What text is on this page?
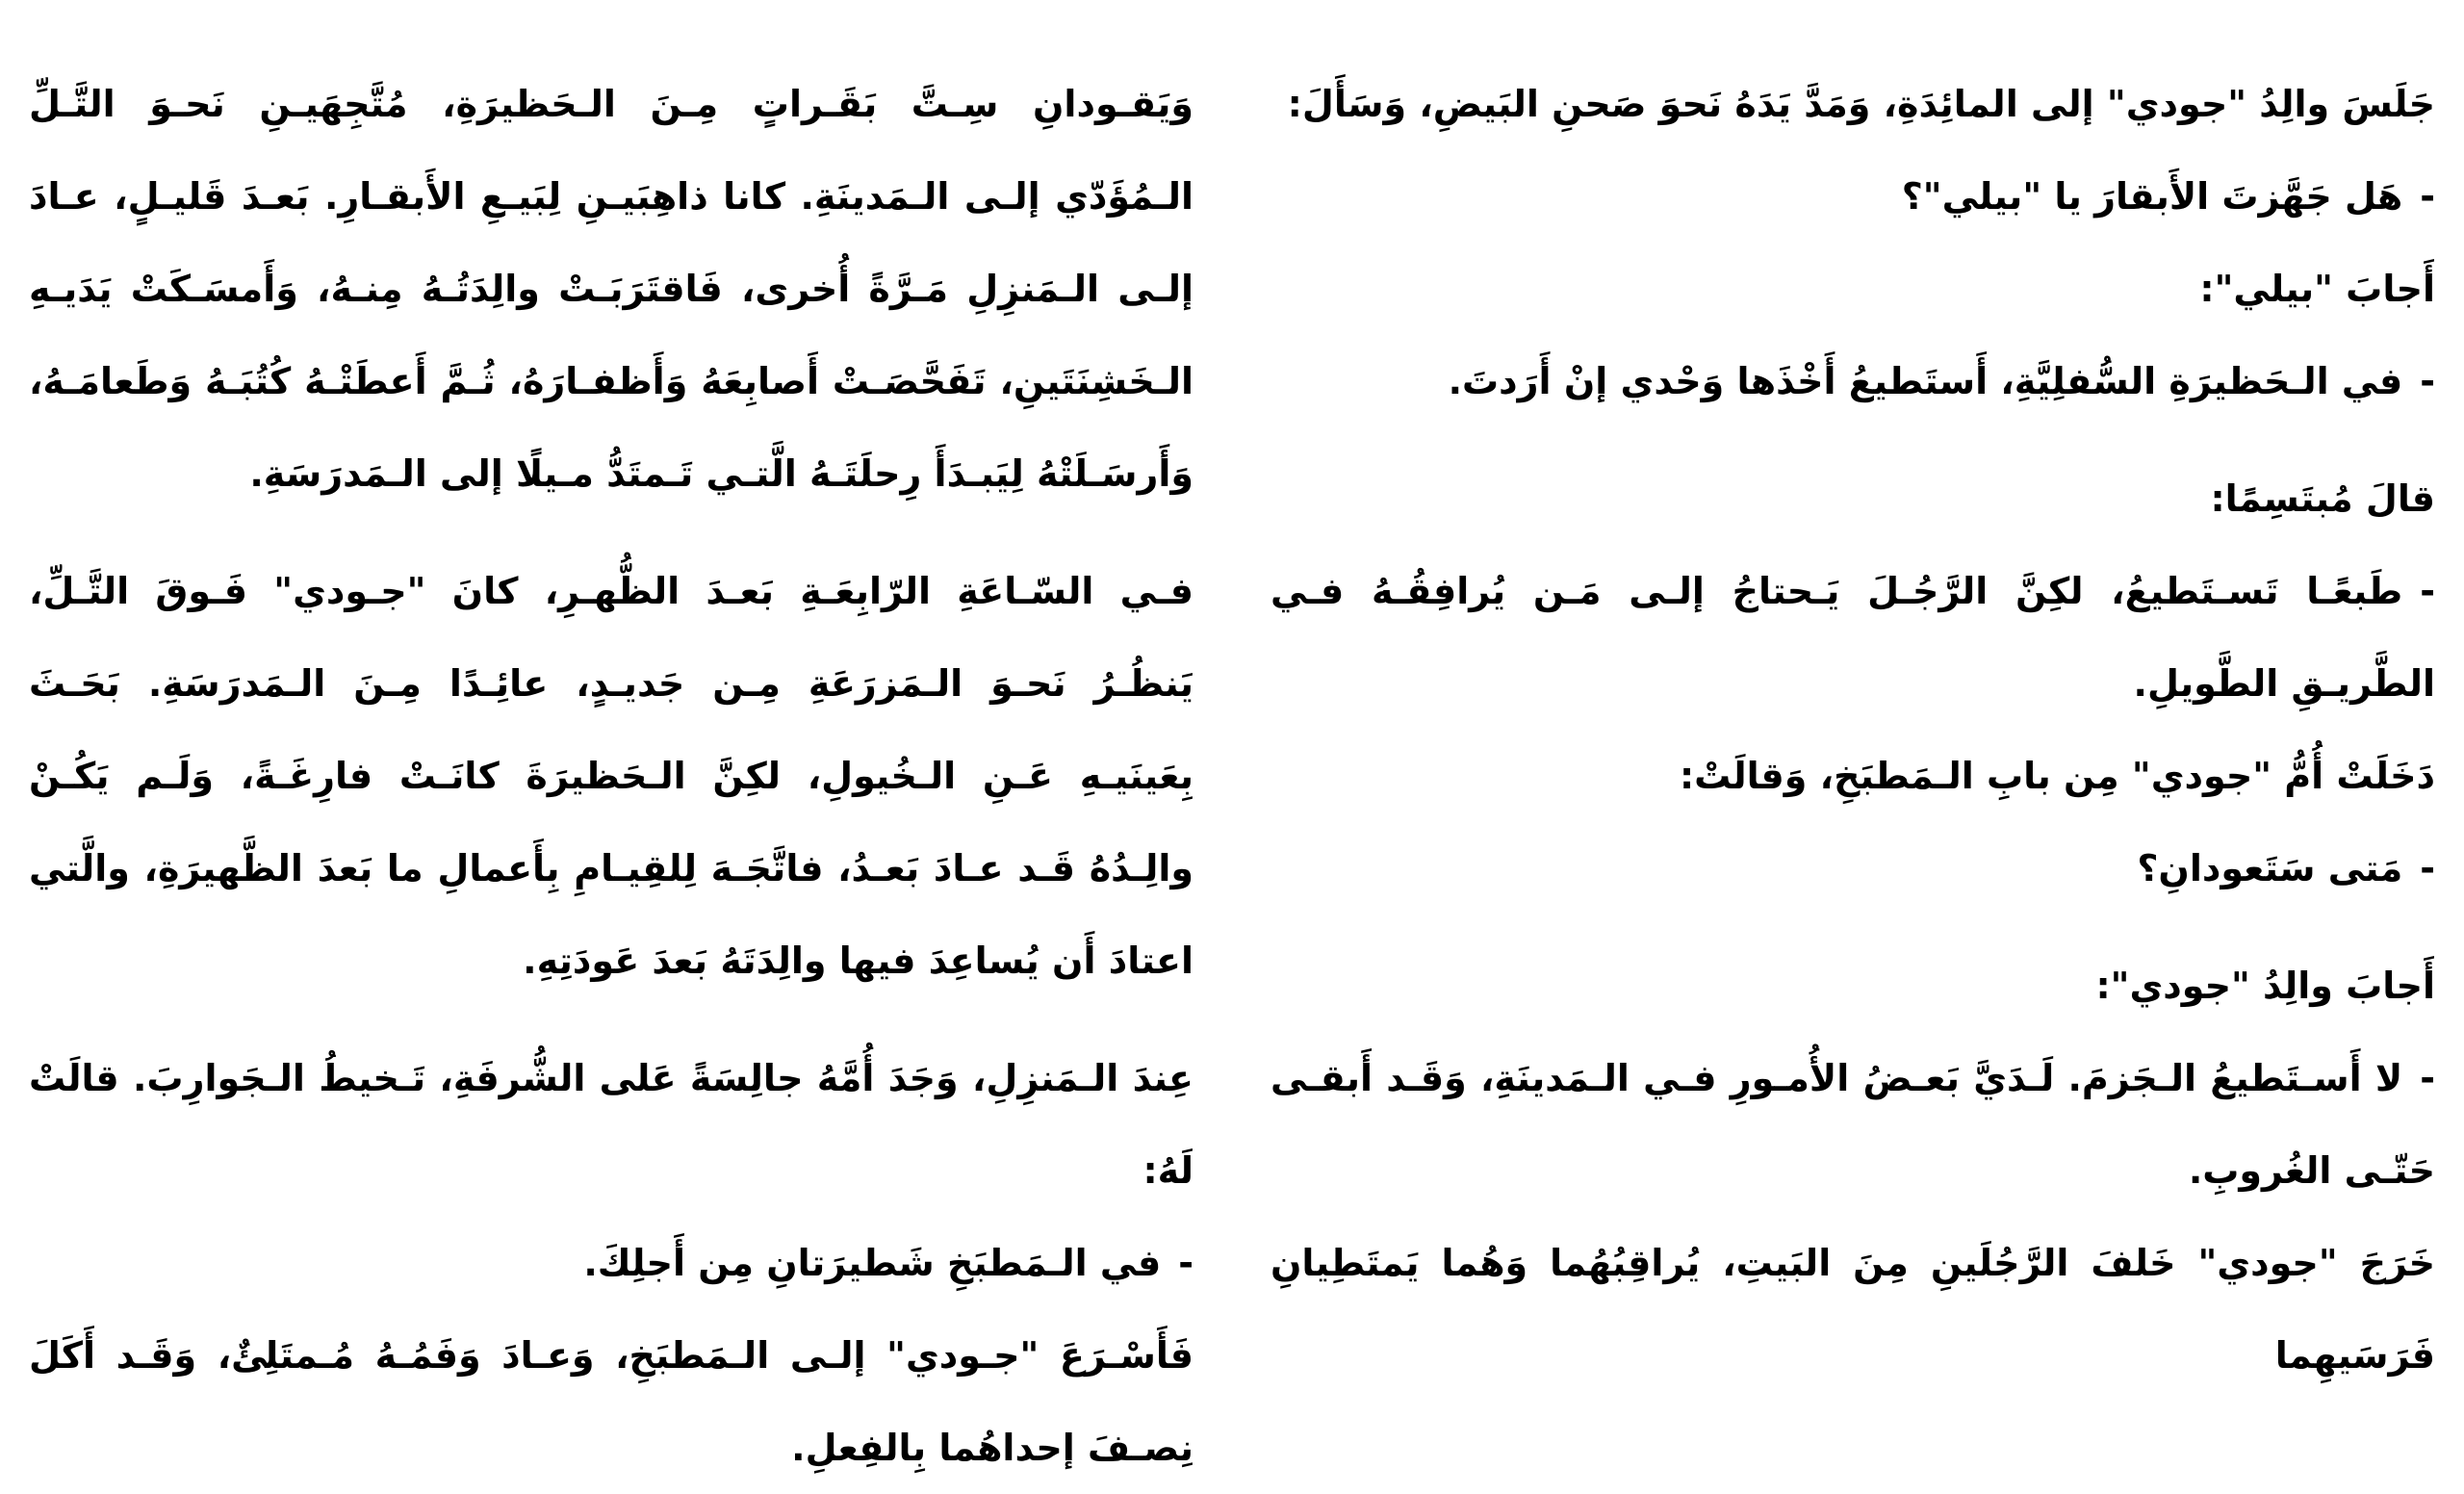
جَلَسَ والِدُ "جودي" إلى المائِدَةِ، وَمَدَّ يَدَهُ نَحوَ صَحنِ البَيضِ، وَسَأَلَ:

-هَل جَهَّزتَ الأَبقارَ يا "بيلي"؟

أَجابَ "بيلي":

-في الـحَظيرَةِ السُّفلِيَّةِ، أَستَطيعُ أَخْذَها وَحْدي إنْ أَرَدتَ.

قالَ مُبتَسِمًا:

-طَبعًـا تَسـتَطيعُ، لكِنَّ الرَّجُـلَ يَـحتاجُ إلـى مَـن يُرافِقُـهُ فـي الطَّريـقِ الطَّويلِ.

دَخَلَتْ أُمُّ "جودي" مِن بابِ الـمَطبَخِ، وَقالَتْ:

-مَتى سَتَعودانِ؟

أَجابَ والِدُ "جودي":

-لا أَسـتَطيعُ الـجَزمَ. لَـدَيَّ بَعـضُ الأُمـورِ فـي الـمَدينَةِ، وَقَـد أَبقـى حَتّـى الغُروبِ.

خَرَجَ "جودي" خَلفَ الرَّجُلَينِ مِنَ البَيتِ، يُراقِبُهُما وَهُما يَمتَطِيانِ فَرَسَيهِما

وَيَقـودانِ سِـتَّ بَقَـراتٍ مِـنَ الـحَظيرَةِ، مُتَّجِهَيـنِ نَحـوَ التَّـلِّ الـمُؤَدّي إلـى الـمَدينَةِ. كانا ذاهِبَيـنِ لِبَيـعِ الأَبقـارِ. بَعـدَ قَليـلٍ، عـادَ إلـى الـمَنزِلِ مَـرَّةً أُخرى، فَاقتَرَبَـتْ والِدَتُـهُ مِنـهُ، وَأَمسَـكَتْ يَدَيـهِ الـخَشِنَتَينِ، تَفَحَّصَـتْ أَصابِعَهُ وَأَظفـارَهُ، ثُـمَّ أَعطَتْـهُ كُتُبَـهُ وَطَعامَـهُ، وَأَرسَـلَتْهُ لِيَبـدَأَ رِحلَتَـهُ الَّتـي تَـمتَدُّ مـيلًا إلى الـمَدرَسَةِ.

فـي السّـاعَةِ الرّابِعَـةِ بَعـدَ الظُّهـرِ، كانَ "جـودي" فَـوقَ التَّـلِّ، يَنظُـرُ نَحـوَ الـمَزرَعَةِ مِـن جَديـدٍ، عائِـدًا مِـنَ الـمَدرَسَةِ. بَحَـثَ بِعَينَيـهِ عَـنِ الـخُيولِ، لكِنَّ الـحَظيرَةَ كانَـتْ فارِغَـةً، وَلَـم يَكُـنْ والِـدُهُ قَـد عـادَ بَعـدُ، فاتَّجَـهَ لِلقِيـامِ بِأَعمالِ ما بَعدَ الظَّهيرَةِ، والَّتي اعتادَ أَن يُساعِدَ فيها والِدَتَهُ بَعدَ عَودَتِهِ.

عِندَ الـمَنزِلِ، وَجَدَ أُمَّهُ جالِسَةً عَلى الشُّرفَةِ، تَـخيطُ الـجَوارِبَ. قالَتْ لَهُ:

-في الـمَطبَخِ شَطيرَتانِ مِن أَجلِكَ.

فَأَسْـرَعَ "جـودي" إلـى الـمَطبَخِ، وَعـادَ وَفَمُـهُ مُـمتَلِئٌ، وَقَـد أَكَلَ نِصـفَ إحداهُما بِالفِعلِ.
